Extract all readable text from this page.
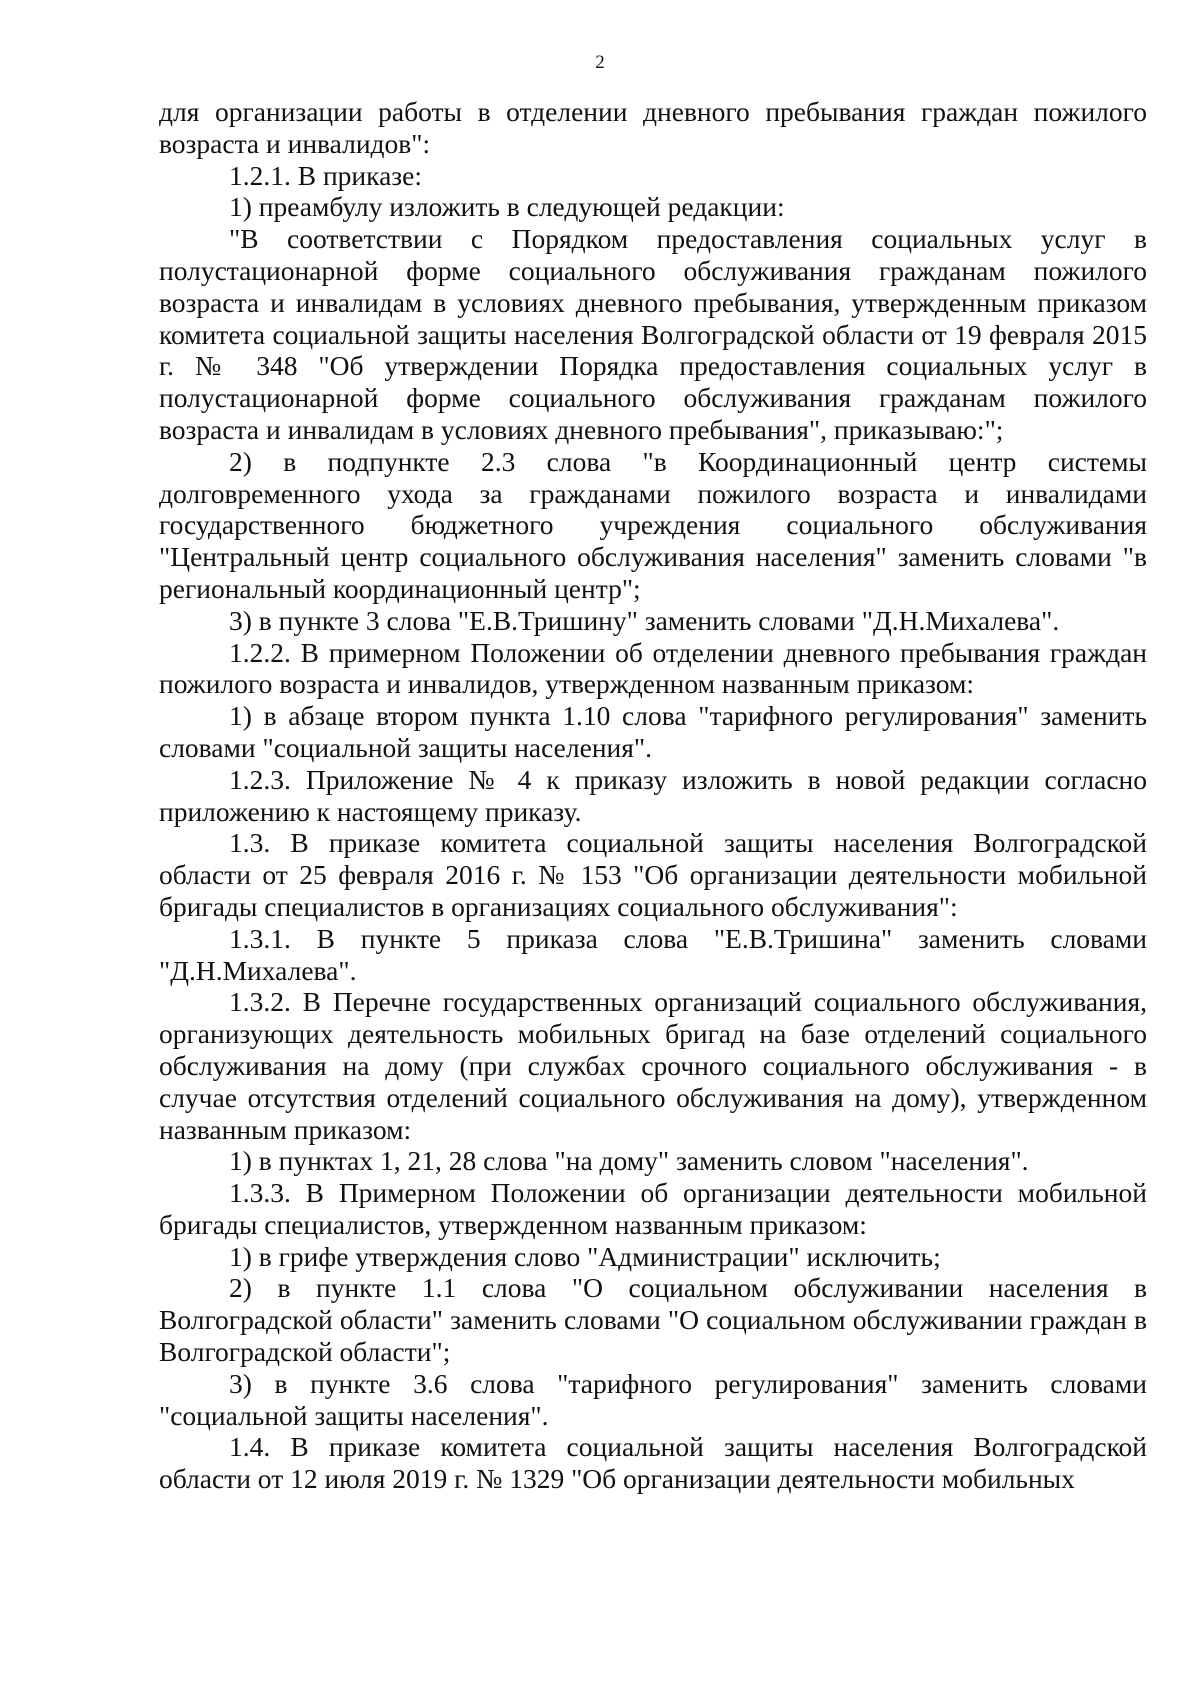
2

для организации работы в отделении дневного пребывания граждан пожилого возраста и инвалидов":

1.2.1. В приказе:

1) преамбулу изложить в следующей редакции:

"В соответствии с Порядком предоставления социальных услуг в полустационарной форме социального обслуживания гражданам пожилого возраста и инвалидам в условиях дневного пребывания, утвержденным приказом комитета социальной защиты населения Волгоградской области от 19 февраля 2015 г. № 348 "Об утверждении Порядка предоставления социальных услуг в полустационарной форме социального обслуживания гражданам пожилого возраста и инвалидам в условиях дневного пребывания", приказываю:";

2) в подпункте 2.3 слова "в Координационный центр системы долговременного ухода за гражданами пожилого возраста и инвалидами государственного бюджетного учреждения социального обслуживания "Центральный центр социального обслуживания населения" заменить словами "в региональный координационный центр";

3) в пункте 3 слова "Е.В.Тришину" заменить словами "Д.Н.Михалева".

1.2.2. В примерном Положении об отделении дневного пребывания граждан пожилого возраста и инвалидов, утвержденном названным приказом:

1) в абзаце втором пункта 1.10 слова "тарифного регулирования" заменить словами "социальной защиты населения".

1.2.3. Приложение № 4 к приказу изложить в новой редакции согласно приложению к настоящему приказу.

1.3. В приказе комитета социальной защиты населения Волгоградской области от 25 февраля 2016 г. № 153 "Об организации деятельности мобильной бригады специалистов в организациях социального обслуживания":

1.3.1. В пункте 5 приказа слова "Е.В.Тришина" заменить словами "Д.Н.Михалева".

1.3.2. В Перечне государственных организаций социального обслуживания, организующих деятельность мобильных бригад на базе отделений социального обслуживания на дому (при службах срочного социального обслуживания - в случае отсутствия отделений социального обслуживания на дому), утвержденном названным приказом:

1) в пунктах 1, 21, 28 слова "на дому" заменить словом "населения".

1.3.3. В Примерном Положении об организации деятельности мобильной бригады специалистов, утвержденном названным приказом:

1) в грифе утверждения слово "Администрации" исключить;

2) в пункте 1.1 слова "О социальном обслуживании населения в Волгоградской области" заменить словами "О социальном обслуживании граждан в Волгоградской области";

3) в пункте 3.6 слова "тарифного регулирования" заменить словами "социальной защиты населения".

1.4. В приказе комитета социальной защиты населения Волгоградской области от 12 июля 2019 г. № 1329 "Об организации деятельности мобильных
